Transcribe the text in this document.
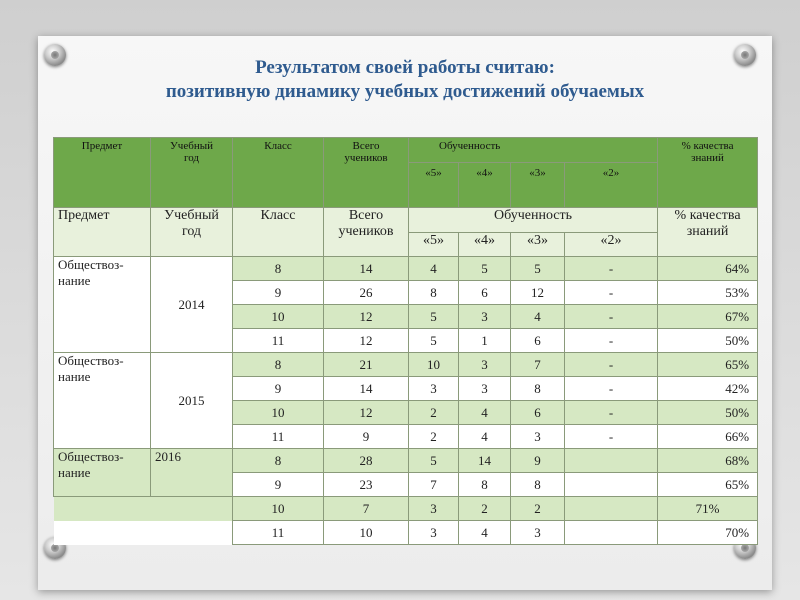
Результатом своей работы считаю:
позитивную динамику учебных достижений обучаемых
Предмет	Учебный
год	Класс	Всего
учеников	Обученность				% качества
знаний
				«5»	«4»	«3»	«2»	
Предмет	Учебный
год	Класс	Всего
учеников	Обученность				% качества
знаний
				«5»	«4»	«3»	«2»	
Обществоз-
нание	2014	8	14	4	5	5	-	64%
		9	26	8	6	12	-	53%
		10	12	5	3	4	-	67%
		11	12	5	1	6	-	50%
Обществоз-
нание	2015	8	21	10	3	7	-	65%
		9	14	3	3	8	-	42%
		10	12	2	4	6	-	50%
		11	9	2	4	3	-	66%
Обществоз-
нание	2016	8	28	5	14	9		68%
		9	23	7	8	8		65%
		10	7	3	2	2		71%
		11	10	3	4	3		70%
